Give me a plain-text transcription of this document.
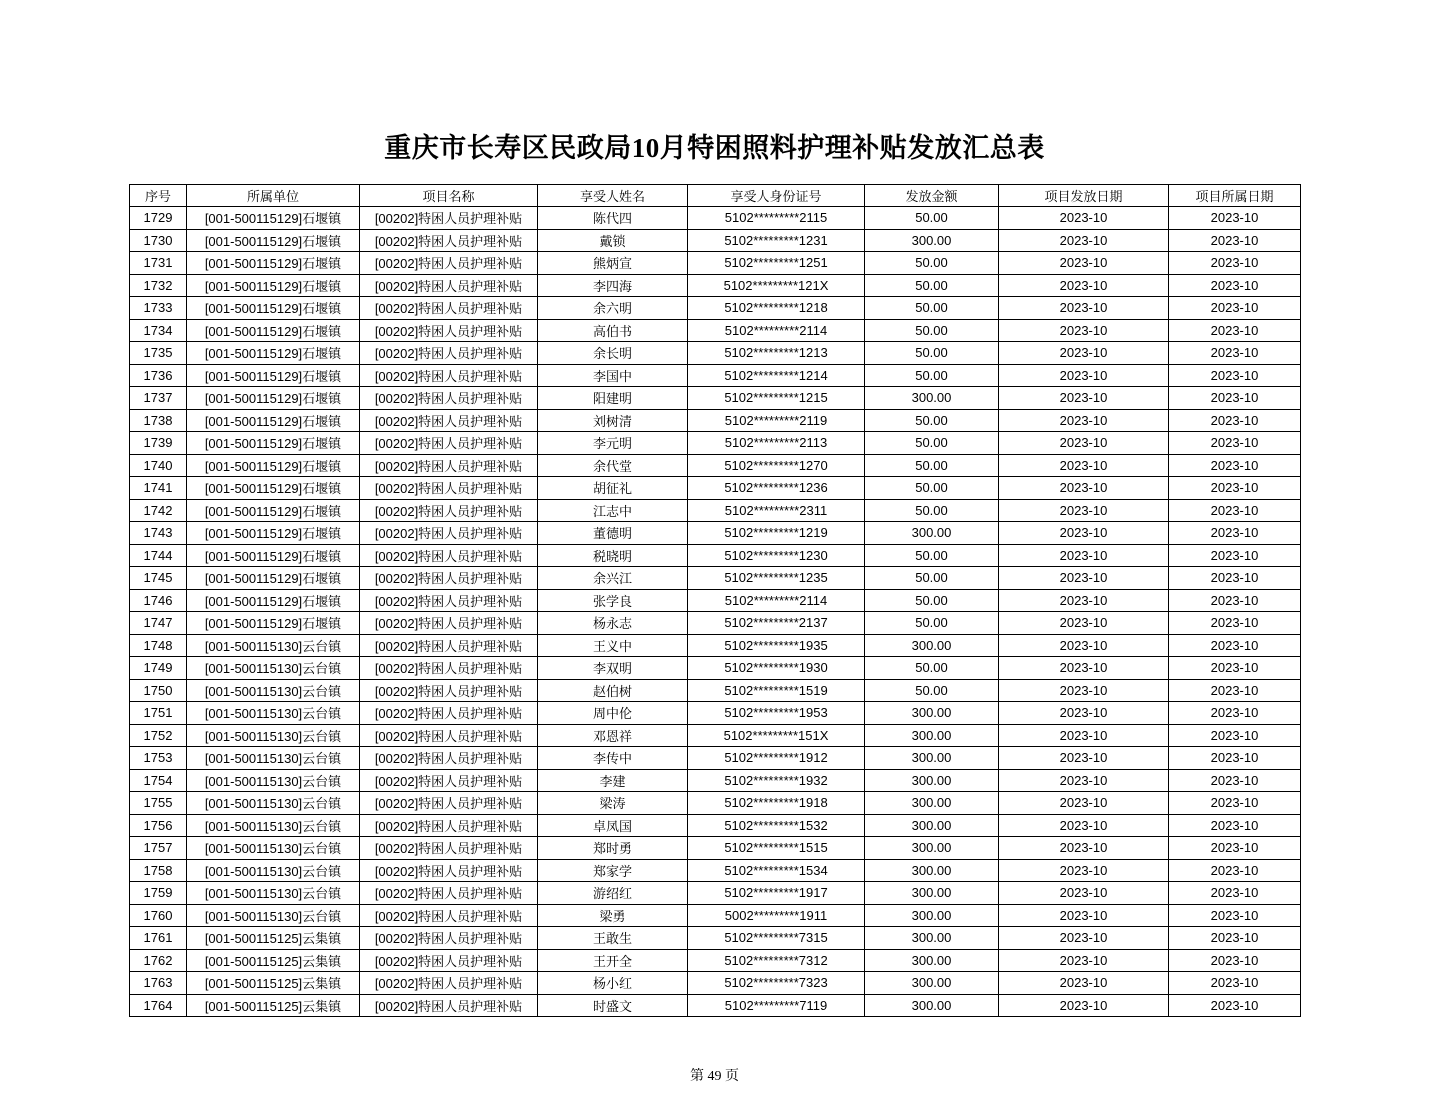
重庆市长寿区民政局10月特困照料护理补贴发放汇总表
序号	所属单位	项目名称	享受人姓名	享受人身份证号	发放金额	项目发放日期	项目所属日期
1729	[001-500115129]石堰镇	[00202]特困人员护理补贴	陈代四	5102*********2115	50.00	2023-10	2023-10
1730	[001-500115129]石堰镇	[00202]特困人员护理补贴	戴锁	5102*********1231	300.00	2023-10	2023-10
1731	[001-500115129]石堰镇	[00202]特困人员护理补贴	熊炳宣	5102*********1251	50.00	2023-10	2023-10
1732	[001-500115129]石堰镇	[00202]特困人员护理补贴	李四海	5102*********121X	50.00	2023-10	2023-10
1733	[001-500115129]石堰镇	[00202]特困人员护理补贴	余六明	5102*********1218	50.00	2023-10	2023-10
1734	[001-500115129]石堰镇	[00202]特困人员护理补贴	高伯书	5102*********2114	50.00	2023-10	2023-10
1735	[001-500115129]石堰镇	[00202]特困人员护理补贴	余长明	5102*********1213	50.00	2023-10	2023-10
1736	[001-500115129]石堰镇	[00202]特困人员护理补贴	李国中	5102*********1214	50.00	2023-10	2023-10
1737	[001-500115129]石堰镇	[00202]特困人员护理补贴	阳建明	5102*********1215	300.00	2023-10	2023-10
1738	[001-500115129]石堰镇	[00202]特困人员护理补贴	刘树清	5102*********2119	50.00	2023-10	2023-10
1739	[001-500115129]石堰镇	[00202]特困人员护理补贴	李元明	5102*********2113	50.00	2023-10	2023-10
1740	[001-500115129]石堰镇	[00202]特困人员护理补贴	余代堂	5102*********1270	50.00	2023-10	2023-10
1741	[001-500115129]石堰镇	[00202]特困人员护理补贴	胡征礼	5102*********1236	50.00	2023-10	2023-10
1742	[001-500115129]石堰镇	[00202]特困人员护理补贴	江志中	5102*********2311	50.00	2023-10	2023-10
1743	[001-500115129]石堰镇	[00202]特困人员护理补贴	董德明	5102*********1219	300.00	2023-10	2023-10
1744	[001-500115129]石堰镇	[00202]特困人员护理补贴	税晓明	5102*********1230	50.00	2023-10	2023-10
1745	[001-500115129]石堰镇	[00202]特困人员护理补贴	余兴江	5102*********1235	50.00	2023-10	2023-10
1746	[001-500115129]石堰镇	[00202]特困人员护理补贴	张学良	5102*********2114	50.00	2023-10	2023-10
1747	[001-500115129]石堰镇	[00202]特困人员护理补贴	杨永志	5102*********2137	50.00	2023-10	2023-10
1748	[001-500115130]云台镇	[00202]特困人员护理补贴	王义中	5102*********1935	300.00	2023-10	2023-10
1749	[001-500115130]云台镇	[00202]特困人员护理补贴	李双明	5102*********1930	50.00	2023-10	2023-10
1750	[001-500115130]云台镇	[00202]特困人员护理补贴	赵伯树	5102*********1519	50.00	2023-10	2023-10
1751	[001-500115130]云台镇	[00202]特困人员护理补贴	周中伦	5102*********1953	300.00	2023-10	2023-10
1752	[001-500115130]云台镇	[00202]特困人员护理补贴	邓恩祥	5102*********151X	300.00	2023-10	2023-10
1753	[001-500115130]云台镇	[00202]特困人员护理补贴	李传中	5102*********1912	300.00	2023-10	2023-10
1754	[001-500115130]云台镇	[00202]特困人员护理补贴	李建	5102*********1932	300.00	2023-10	2023-10
1755	[001-500115130]云台镇	[00202]特困人员护理补贴	梁涛	5102*********1918	300.00	2023-10	2023-10
1756	[001-500115130]云台镇	[00202]特困人员护理补贴	卓凤国	5102*********1532	300.00	2023-10	2023-10
1757	[001-500115130]云台镇	[00202]特困人员护理补贴	郑时勇	5102*********1515	300.00	2023-10	2023-10
1758	[001-500115130]云台镇	[00202]特困人员护理补贴	郑家学	5102*********1534	300.00	2023-10	2023-10
1759	[001-500115130]云台镇	[00202]特困人员护理补贴	游绍红	5102*********1917	300.00	2023-10	2023-10
1760	[001-500115130]云台镇	[00202]特困人员护理补贴	梁勇	5002*********1911	300.00	2023-10	2023-10
1761	[001-500115125]云集镇	[00202]特困人员护理补贴	王敢生	5102*********7315	300.00	2023-10	2023-10
1762	[001-500115125]云集镇	[00202]特困人员护理补贴	王开全	5102*********7312	300.00	2023-10	2023-10
1763	[001-500115125]云集镇	[00202]特困人员护理补贴	杨小红	5102*********7323	300.00	2023-10	2023-10
1764	[001-500115125]云集镇	[00202]特困人员护理补贴	时盛文	5102*********7119	300.00	2023-10	2023-10
第 49 页
